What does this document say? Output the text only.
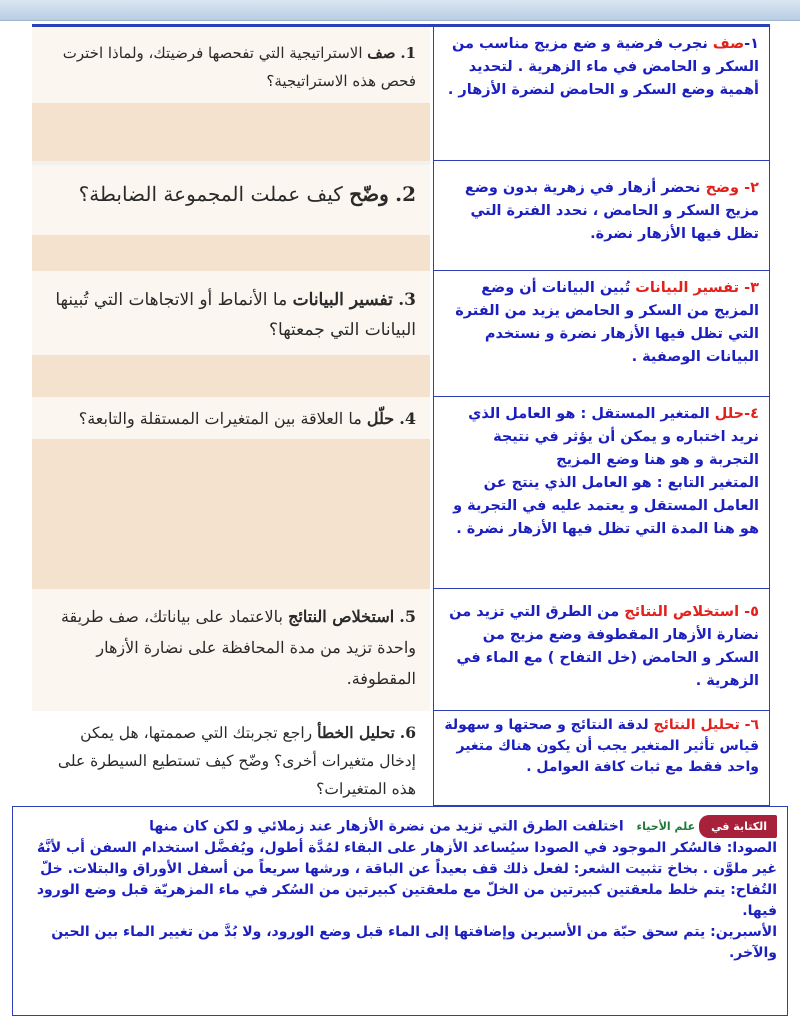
1. صف الاستراتيجية التي تفحصها فرضيتك، ولماذا اخترت فحص هذه الاستراتيجية؟
١-صف نجرب فرضية و ضع مزيج مناسب من السكر و الحامض في ماء الزهرية . لتحديد أهمية وضع السكر و الحامض لنضرة الأزهار .
2. وضّح كيف عملت المجموعة الضابطة؟	٢- وضح نحضر أزهار في زهرية بدون وضع مزيج السكر و الحامض ، نحدد الفترة التي تظل فيها الأزهار نضرة.
3. تفسير البيانات ما الأنماط أو الاتجاهات التي تُبينها البيانات التي جمعتها؟
٣- تفسير البيانات تُبين البيانات أن وضع المزيج من السكر و الحامض يزيد من الفترة التي تظل فيها الأزهار نضرة و نستخدم البيانات الوصفية .
4. حلّل ما العلاقة بين المتغيرات المستقلة والتابعة؟	٤-حلل المتغير المستقل : هو العامل الذي نريد اختباره و يمكن أن يؤثر في نتيجة التجربة و هو هنا وضع المزيج
المتغير التابع : هو العامل الذي ينتج عن العامل المستقل و يعتمد عليه في التجربة و هو هنا المدة التي تظل فيها الأزهار نضرة .
5. استخلاص النتائج بالاعتماد على بياناتك، صف طريقة واحدة تزيد من مدة المحافظة على نضارة الأزهار المقطوفة.
٥- استخلاص النتائج من الطرق التي تزيد من نضارة الأزهار المقطوفة وضع مزيج من السكر و الحامض (خل التفاح ) مع الماء في الزهرية .
6. تحليل الخطأ راجع تجربتك التي صممتها، هل يمكن إدخال متغيرات أخرى؟ وضّح كيف تستطيع السيطرة على هذه المتغيرات؟
٦- تحليل النتائج لدقة النتائج و صحتها و سهولة قياس تأثير المتغير يجب أن يكون هناك متغير واحد فقط مع ثبات كافة العوامل .
الكتابة فيعلم الأحياء اختلفت الطرق التي تزيد من نضرة الأزهار عند زملائي و لكن كان منها
الصودا: فالسُكر الموجود في الصودا سيُساعد الأزهار على البقاء لمُدَّة أطول، ويُفضَّل استخدام السفن أب لأنَّهُ غير ملوَّن . بخاخ تثبيت الشعر: لفعل ذلك قف بعيداً عن الباقة ، ورشها سريعاً من أسفل الأوراق والبتلات. خلّ التُفاح: يتم خلط ملعقتين كبيرتين من الخلّ مع ملعقتين كبيرتين من السُكر في ماء المزهريّة قبل وضع الورود فيها.
الأسبرين: يتم سحق حبّة من الأسبرين وإضافتها إلى الماء قبل وضع الورود، ولا بُدَّ من تغيير الماء بين الحين والآخر.
